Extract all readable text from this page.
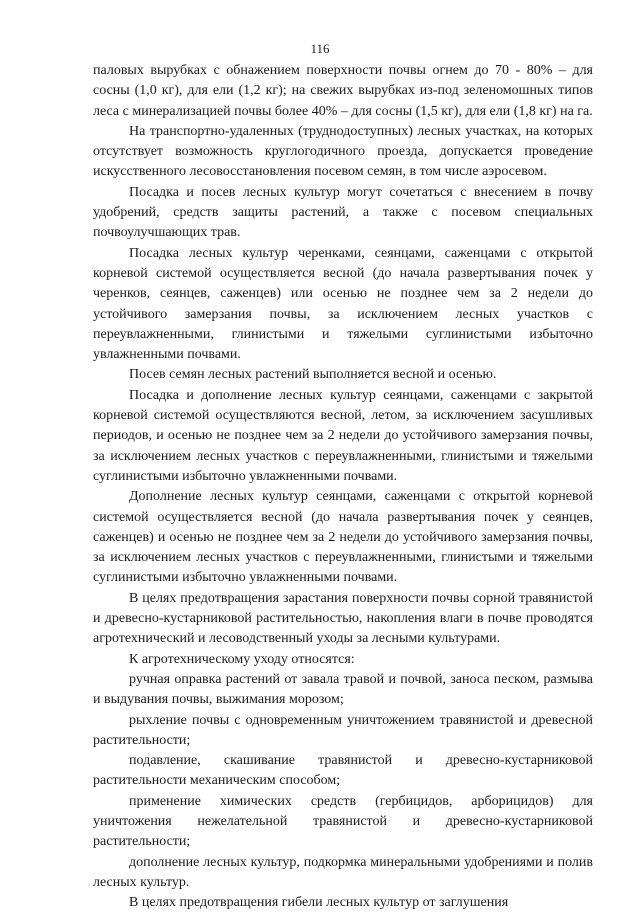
116

паловых вырубках с обнажением поверхности почвы огнем до 70 - 80% – для сосны (1,0 кг), для ели (1,2 кг); на свежих вырубках из-под зеленомошных типов леса с минерализацией почвы более 40% – для сосны (1,5 кг), для ели (1,8 кг) на га.

На транспортно-удаленных (труднодоступных) лесных участках, на которых отсутствует возможность круглогодичного проезда, допускается проведение искусственного лесовосстановления посевом семян, в том числе аэросевом.

Посадка и посев лесных культур могут сочетаться с внесением в почву удобрений, средств защиты растений, а также с посевом специальных почвоулучшающих трав.

Посадка лесных культур черенками, сеянцами, саженцами с открытой корневой системой осуществляется весной (до начала развертывания почек у черенков, сеянцев, саженцев) или осенью не позднее чем за 2 недели до устойчивого замерзания почвы, за исключением лесных участков с переувлажненными, глинистыми и тяжелыми суглинистыми избыточно увлажненными почвами.

Посев семян лесных растений выполняется весной и осенью.

Посадка и дополнение лесных культур сеянцами, саженцами с закрытой корневой системой осуществляются весной, летом, за исключением засушливых периодов, и осенью не позднее чем за 2 недели до устойчивого замерзания почвы, за исключением лесных участков с переувлажненными, глинистыми и тяжелыми суглинистыми избыточно увлажненными почвами.

Дополнение лесных культур сеянцами, саженцами с открытой корневой системой осуществляется весной (до начала развертывания почек у сеянцев, саженцев) и осенью не позднее чем за 2 недели до устойчивого замерзания почвы, за исключением лесных участков с переувлажненными, глинистыми и тяжелыми суглинистыми избыточно увлажненными почвами.

В целях предотвращения зарастания поверхности почвы сорной травянистой и древесно-кустарниковой растительностью, накопления влаги в почве проводятся агротехнический и лесоводственный уходы за лесными культурами.

К агротехническому уходу относятся:

ручная оправка растений от завала травой и почвой, заноса песком, размыва и выдувания почвы, выжимания морозом;

рыхление почвы с одновременным уничтожением травянистой и древесной растительности;

подавление, скашивание травянистой и древесно-кустарниковой растительности механическим способом;

применение химических средств (гербицидов, арборицидов) для уничтожения нежелательной травянистой и древесно-кустарниковой растительности;

дополнение лесных культур, подкормка минеральными удобрениями и полив лесных культур.

В целях предотвращения гибели лесных культур от заглушения
